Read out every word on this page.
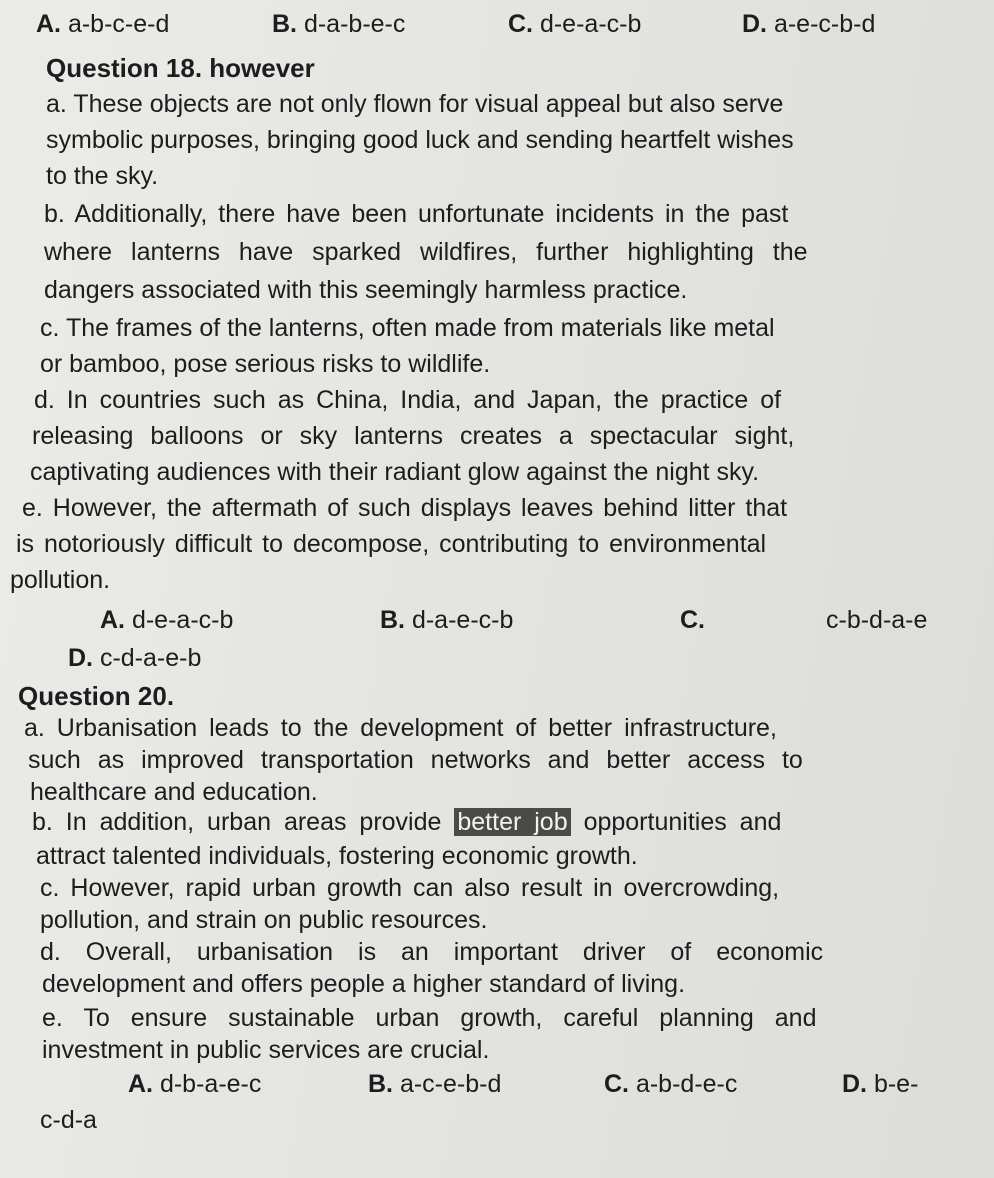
A. a-b-c-e-d	B. d-a-b-e-c	C. d-e-a-c-b	D. a-e-c-b-d
Question 18. however
a. These objects are not only flown for visual appeal but also serve
symbolic purposes, bringing good luck and sending heartfelt wishes
to the sky.
b. Additionally, there have been unfortunate incidents in the past
where lanterns have sparked wildfires, further highlighting the
dangers associated with this seemingly harmless practice.
c. The frames of the lanterns, often made from materials like metal
or bamboo, pose serious risks to wildlife.
d. In countries such as China, India, and Japan, the practice of
releasing balloons or sky lanterns creates a spectacular sight,
captivating audiences with their radiant glow against the night sky.
e. However, the aftermath of such displays leaves behind litter that
is notoriously difficult to decompose, contributing to environmental
pollution.
A. d-e-a-c-b	B. d-a-e-c-b	C.	c-b-d-a-e
D. c-d-a-e-b
Question 20.
a. Urbanisation leads to the development of better infrastructure,
such as improved transportation networks and better access to
healthcare and education.
b. In addition, urban areas provide better job opportunities and
attract talented individuals, fostering economic growth.
c. However, rapid urban growth can also result in overcrowding,
pollution, and strain on public resources.
d. Overall, urbanisation is an important driver of economic
development and offers people a higher standard of living.
e. To ensure sustainable urban growth, careful planning and
investment in public services are crucial.
A. d-b-a-e-c	B. a-c-e-b-d	C. a-b-d-e-c	D. b-e-
c-d-a
